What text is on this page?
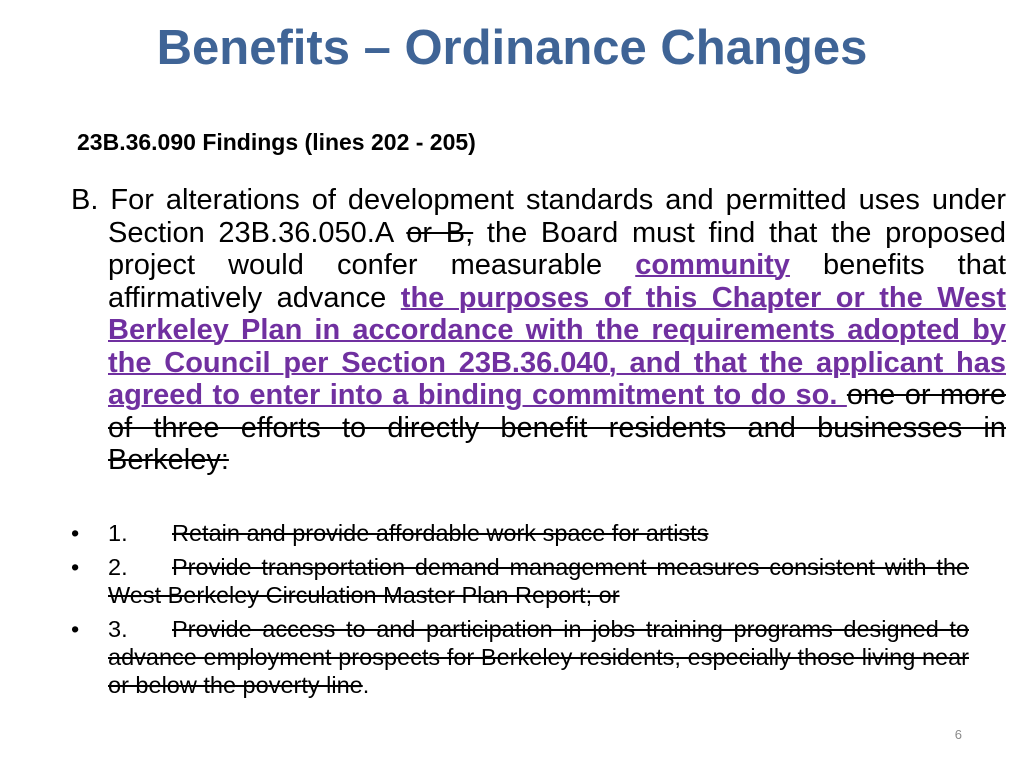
Benefits – Ordinance Changes
23B.36.090 Findings (lines 202 - 205)

B. For alterations of development standards and permitted uses under Section 23B.36.050.A or B, the Board must find that the proposed project would confer measurable community benefits that affirmatively advance the purposes of this Chapter or the West Berkeley Plan in accordance with the requirements adopted by the Council per Section 23B.36.040, and that the applicant has agreed to enter into a binding commitment to do so. one or more of three efforts to directly benefit residents and businesses in Berkeley:

• 1. Retain and provide affordable work space for artists
• 2. Provide transportation demand management measures consistent with the West Berkeley Circulation Master Plan Report; or
• 3. Provide access to and participation in jobs training programs designed to advance employment prospects for Berkeley residents, especially those living near or below the poverty line.
6
